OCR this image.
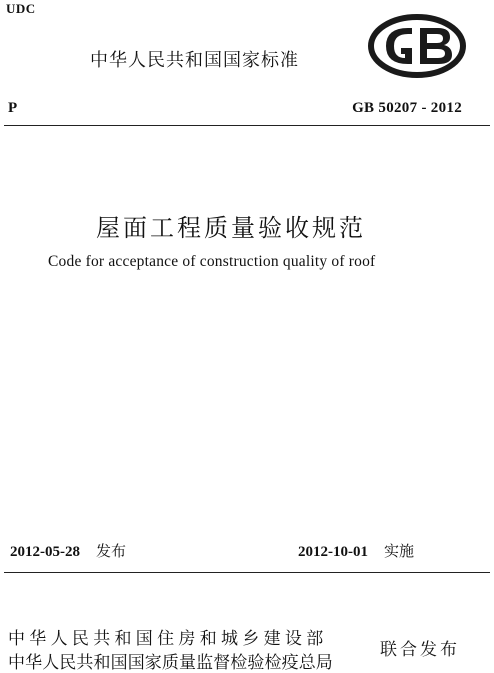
UDC
中华人民共和国国家标准
P	GB 50207 - 2012
屋面工程质量验收规范
Code for acceptance of construction quality of roof
2012-05-28 发布	2012-10-01 实施
中华人民共和国住房和城乡建设部
中华人民共和国国家质量监督检验检疫总局
联合发布
